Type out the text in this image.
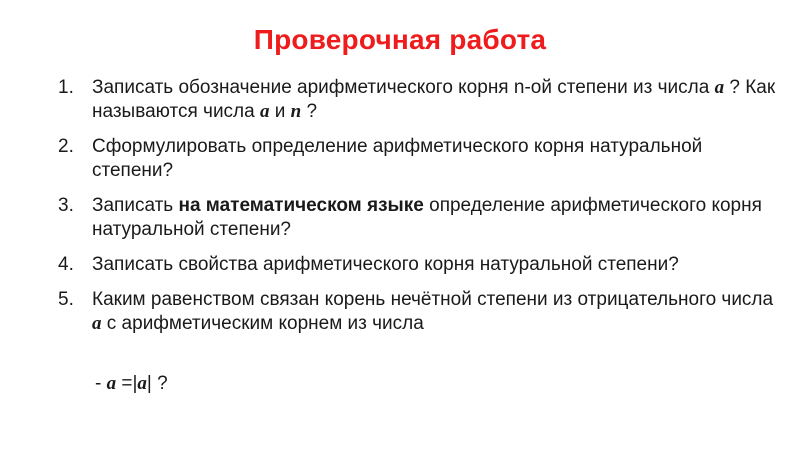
Проверочная работа
1. Записать обозначение арифметического корня n-ой степени из числа a ? Как называются числа a и n ?
2. Сформулировать определение арифметического корня натуральной степени?
3. Записать на математическом языке определение арифметического корня натуральной степени?
4. Записать свойства арифметического корня натуральной степени?
5. Каким равенством связан корень нечётной степени из отрицательного числа a с арифметическим корнем из числа
- a =|a| ?
